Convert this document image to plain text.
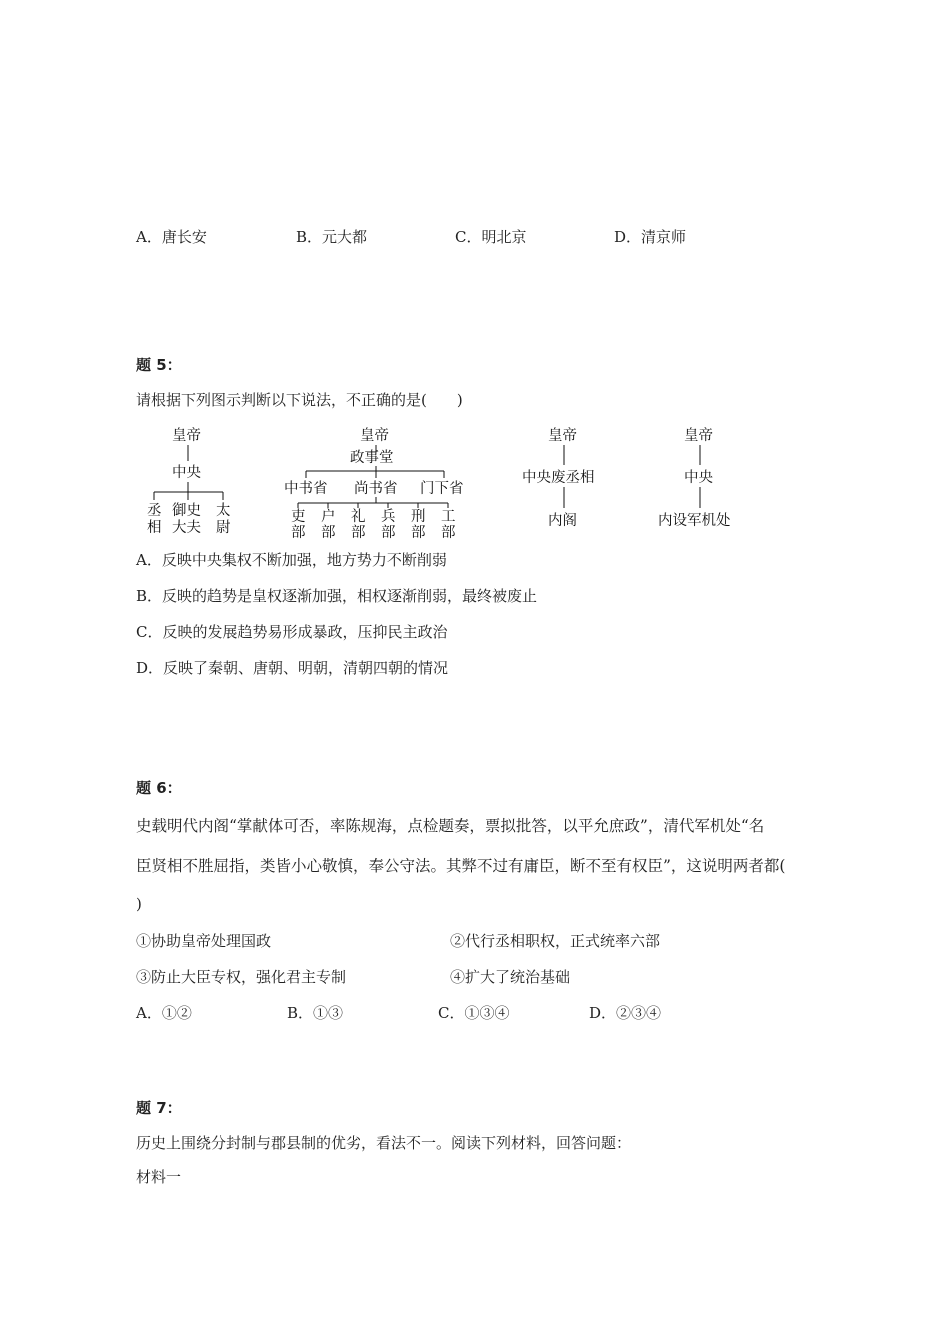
A．唐长安	B．元大都	C．明北京	D．清京师
题 5：
请根据下列图示判断以下说法，不正确的是(　　)
皇帝
中央
丞
相
御史
大夫
太
尉
皇帝
政事堂
中书省 尚书省 门下省
吏 户 礼 兵 刑 工
部 部 部 部 部 部
皇帝
中央废丞相
内阁
皇帝
中央
内设军机处
A．反映中央集权不断加强，地方势力不断削弱
B．反映的趋势是皇权逐渐加强，相权逐渐削弱，最终被废止
C．反映的发展趋势易形成暴政，压抑民主政治
D．反映了秦朝、唐朝、明朝，清朝四朝的情况
题 6：
史载明代内阁“掌献体可否，率陈规海，点检题奏，票拟批答，以平允庶政”，清代军机处“名
臣贤相不胜屈指，类皆小心敬慎，奉公守法。其弊不过有庸臣，断不至有权臣”，这说明两者都(
)
①协助皇帝处理国政	②代行丞相职权，正式统率六部
③防止大臣专权，强化君主专制	④扩大了统治基础
A．①②	B．①③	C．①③④	D．②③④
题 7：
历史上围绕分封制与郡县制的优劣，看法不一。阅读下列材料，回答问题：
材料一
